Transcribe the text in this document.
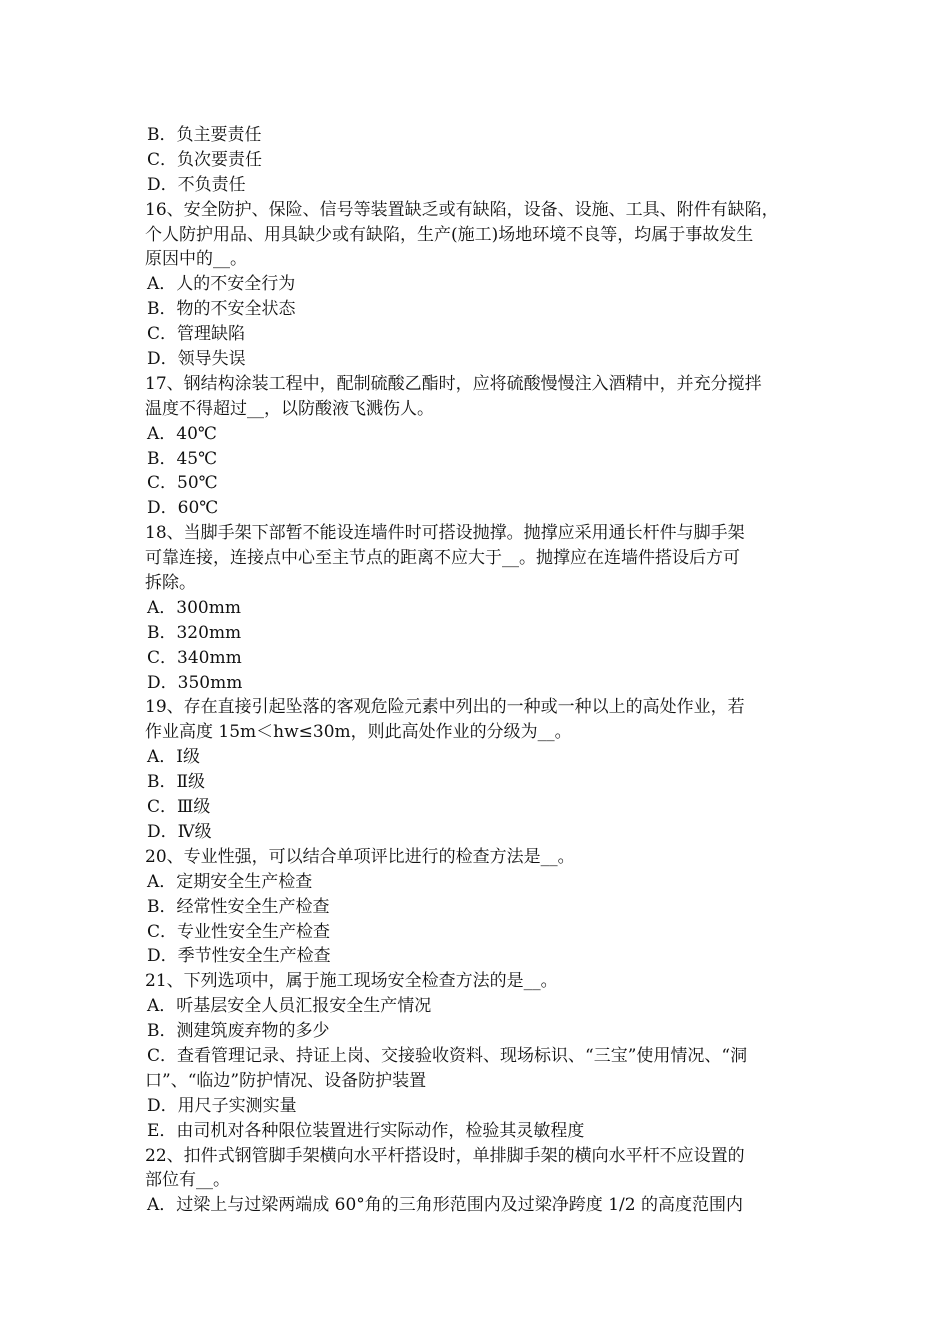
B．负主要责任
C．负次要责任
D．不负责任
16、安全防护、保险、信号等装置缺乏或有缺陷，设备、设施、工具、附件有缺陷，
个人防护用品、用具缺少或有缺陷，生产(施工)场地环境不良等，均属于事故发生
原因中的__。
A．人的不安全行为
B．物的不安全状态
C．管理缺陷
D．领导失误
17、钢结构涂装工程中，配制硫酸乙酯时，应将硫酸慢慢注入酒精中，并充分搅拌
温度不得超过__，以防酸液飞溅伤人。
A．40℃
B．45℃
C．50℃
D．60℃
18、当脚手架下部暂不能设连墙件时可搭设抛撑。抛撑应采用通长杆件与脚手架
可靠连接，连接点中心至主节点的距离不应大于__。抛撑应在连墙件搭设后方可
拆除。
A．300mm
B．320mm
C．340mm
D．350mm
19、存在直接引起坠落的客观危险元素中列出的一种或一种以上的高处作业，若
作业高度 15m＜hw≤30m，则此高处作业的分级为__。
A．Ⅰ级
B．Ⅱ级
C．Ⅲ级
D．Ⅳ级
20、专业性强，可以结合单项评比进行的检查方法是__。
A．定期安全生产检查
B．经常性安全生产检查
C．专业性安全生产检查
D．季节性安全生产检查
21、下列选项中，属于施工现场安全检查方法的是__。
A．听基层安全人员汇报安全生产情况
B．测建筑废弃物的多少
C．查看管理记录、持证上岗、交接验收资料、现场标识、“三宝”使用情况、“洞
口”、“临边”防护情况、设备防护装置
D．用尺子实测实量
E．由司机对各种限位装置进行实际动作，检验其灵敏程度
22、扣件式钢管脚手架横向水平杆搭设时，单排脚手架的横向水平杆不应设置的
部位有__。
A．过梁上与过梁两端成 60°角的三角形范围内及过梁净跨度 1/2 的高度范围内
